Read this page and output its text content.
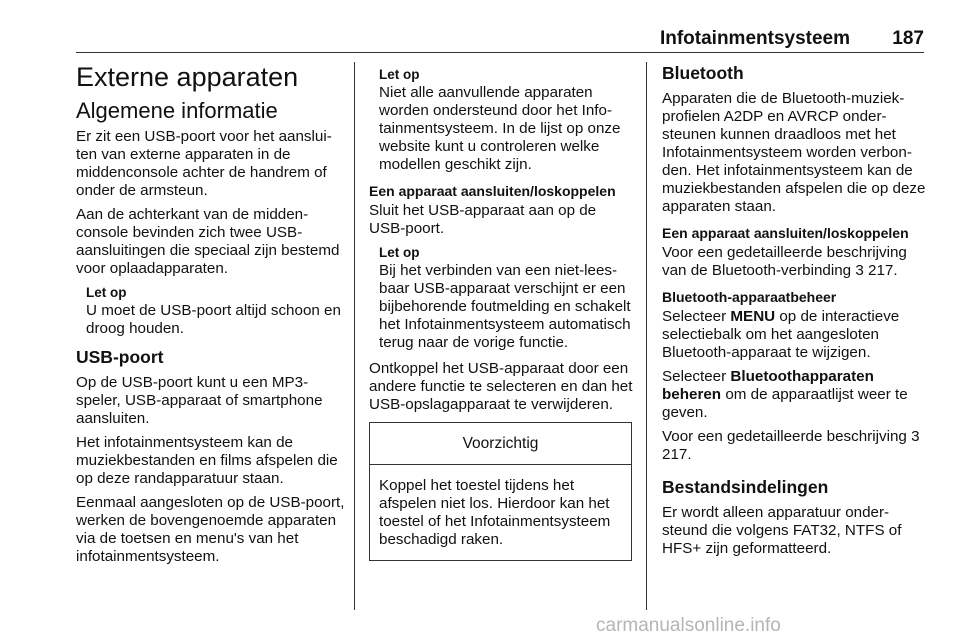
Infotainmentsysteem 187
Externe apparaten
Algemene informatie

Er zit een USB-poort voor het aansluiten van externe apparaten in de middenconsole achter de handrem of onder de armsteun.

Aan de achterkant van de middenconsole bevinden zich twee USB-aansluitingen die speciaal zijn bestemd voor oplaadapparaten.

Let op
U moet de USB-poort altijd schoon en droog houden.
USB-poort

Op de USB-poort kunt u een MP3-speler, USB-apparaat of smartphone aansluiten.

Het infotainmentsysteem kan de muziekbestanden en films afspelen die op deze randapparatuur staan.

Eenmaal aangesloten op de USB-poort, werken de bovengenoemde apparaten via de toetsen en menu's van het infotainmentsysteem.

Let op
Niet alle aanvullende apparaten worden ondersteund door het Infotainmentsysteem. In de lijst op onze website kunt u controleren welke modellen geschikt zijn.
Een apparaat aansluiten/loskoppelen

Sluit het USB-apparaat aan op de USB-poort.

Let op
Bij het verbinden van een niet-leesbaar USB-apparaat verschijnt er een bijbehorende foutmelding en schakelt het Infotainmentsysteem automatisch terug naar de vorige functie.

Ontkoppel het USB-apparaat door een andere functie te selecteren en dan het USB-opslagapparaat te verwijderen.

Voorzichtig
Koppel het toestel tijdens het afspelen niet los. Hierdoor kan het toestel of het Infotainmentsysteem beschadigd raken.
Bluetooth

Apparaten die de Bluetooth-muziekprofielen A2DP en AVRCP ondersteunen kunnen draadloos met het Infotainmentsysteem worden verbonden. Het infotainmentsysteem kan de muziekbestanden afspelen die op deze apparaten staan.

Een apparaat aansluiten/loskoppelen

Voor een gedetailleerde beschrijving van de Bluetooth-verbinding 3 217.

Bluetooth-apparaatbeheer

Selecteer MENU op de interactieve selectiebalk om het aangesloten Bluetooth-apparaat te wijzigen.

Selecteer Bluetoothapparaten beheren om de apparaatlijst weer te geven.

Voor een gedetailleerde beschrijving 3 217.

Bestandsindelingen

Er wordt alleen apparatuur ondersteund die volgens FAT32, NTFS of HFS+ zijn geformatteerd.

carmanualsonline.info
